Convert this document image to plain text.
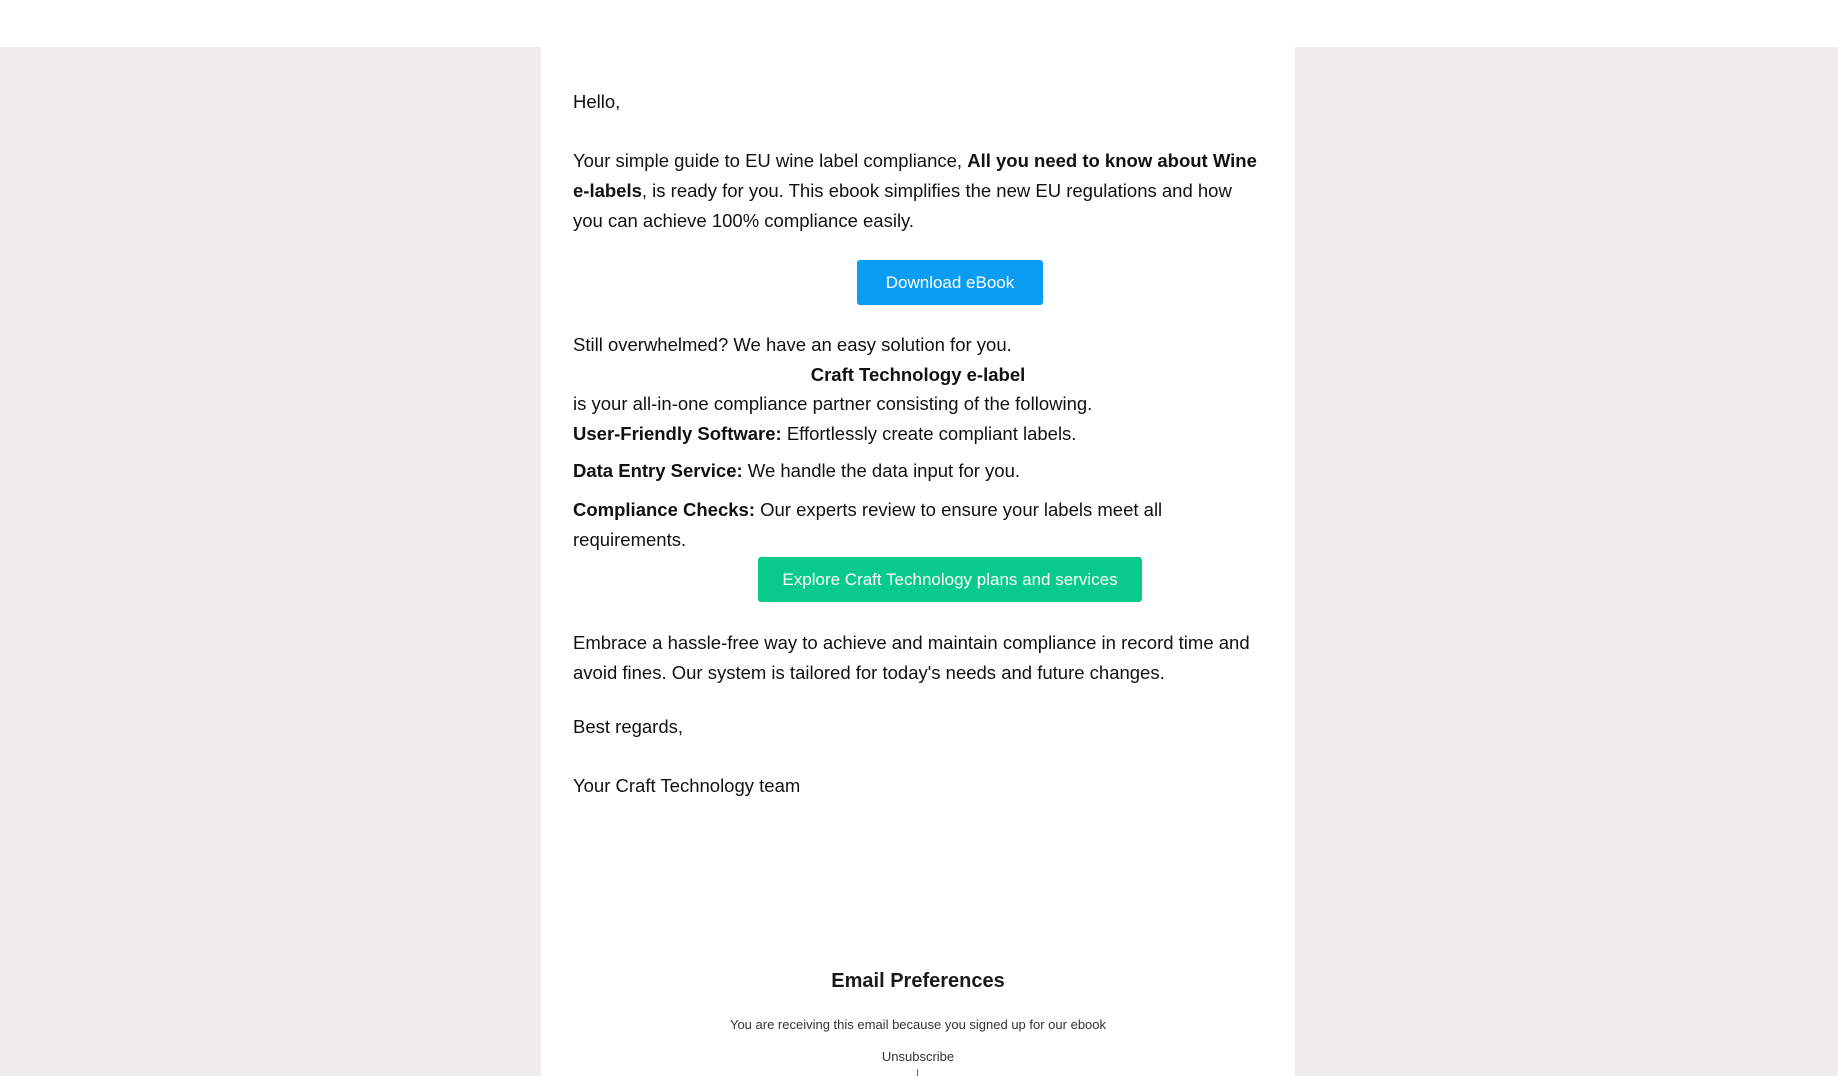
Hello,

Your simple guide to EU wine label compliance, All you need to know about Wine e-labels, is ready for you. This ebook simplifies the new EU regulations and how you can achieve 100% compliance easily.

Download eBook

Still overwhelmed? We have an easy solution for you.

Craft Technology e-label

is your all-in-one compliance partner consisting of the following.

User-Friendly Software: Effortlessly create compliant labels.

Data Entry Service: We handle the data input for you.

Compliance Checks: Our experts review to ensure your labels meet all requirements.

Explore Craft Technology plans and services

Embrace a hassle-free way to achieve and maintain compliance in record time and avoid fines. Our system is tailored for today's needs and future changes.

Best regards,

Your Craft Technology team

Email Preferences
You are receiving this email because you signed up for our ebook
Unsubscribe
